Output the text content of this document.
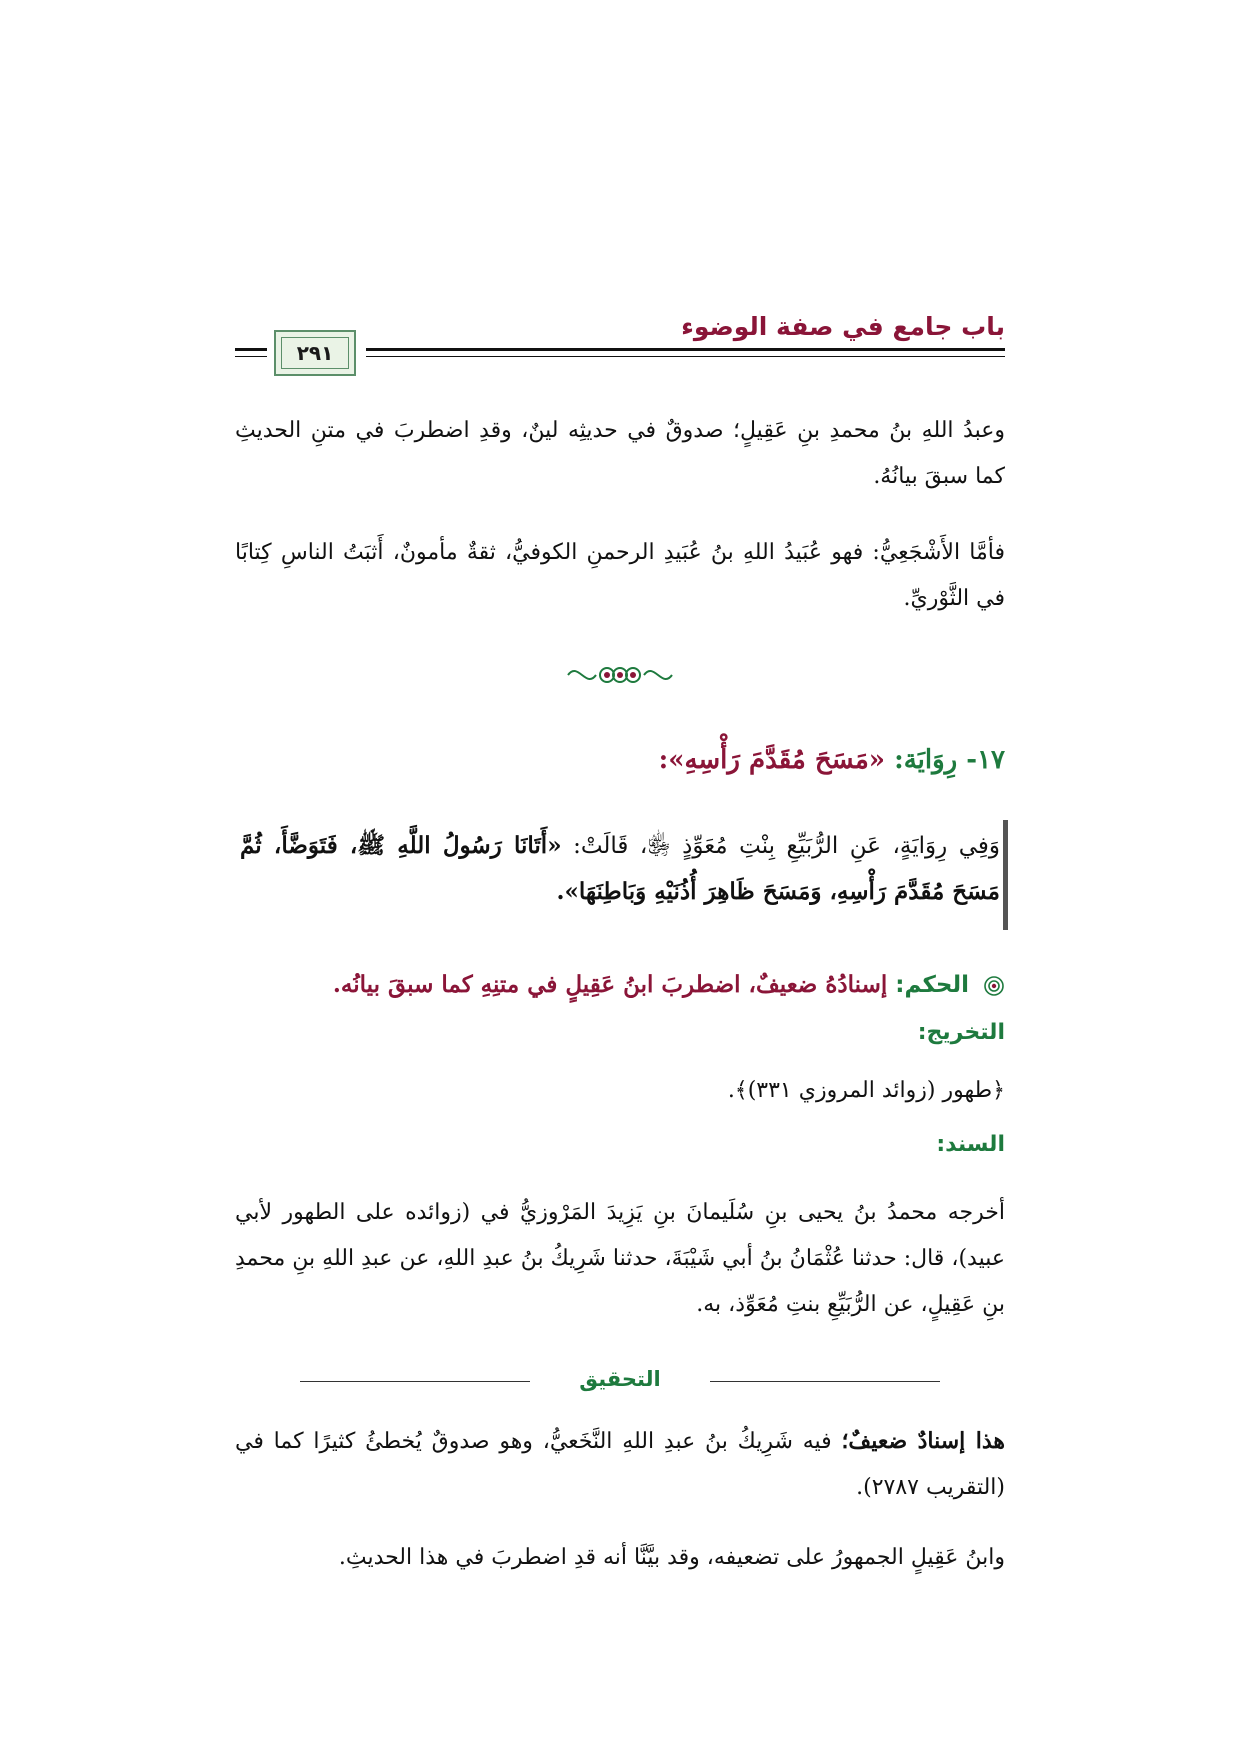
باب جامع في صفة الوضوء
٢٩١
وعبدُ اللهِ بنُ محمدِ بنِ عَقِيلٍ؛ صدوقٌ في حديثِه لينٌ، وقدِ اضطربَ في متنِ الحديثِ كما سبقَ بيانُهُ.
فأمَّا الأَشْجَعِيُّ: فهو عُبَيدُ اللهِ بنُ عُبَيدِ الرحمنِ الكوفيُّ، ثقةٌ مأمونٌ، أَثبَتُ الناسِ كِتابًا في الثَّوْريِّ.
١٧- رِوَايَة: «مَسَحَ مُقَدَّمَ رَأْسِهِ»:
وَفِي رِوَايَةٍ، عَنِ الرُّبَيِّعِ بِنْتِ مُعَوِّذٍ ﵂، قَالَتْ: «أَتَانَا رَسُولُ اللَّهِ ﷺ، فَتَوَضَّأَ، ثُمَّ مَسَحَ مُقَدَّمَ رَأْسِهِ، وَمَسَحَ ظَاهِرَ أُذُنَيْهِ وَبَاطِنَهَا».
الحكم: إسنادُهُ ضعيفٌ، اضطربَ ابنُ عَقِيلٍ في متنِهِ كما سبقَ بيانُه.
التخريج:
﴿طهور (زوائد المروزي ٣٣١)﴾.
السند:
أخرجه محمدُ بنُ يحيى بنِ سُلَيمانَ بنِ يَزِيدَ المَرْوزيُّ في (زوائده على الطهور لأبي عبيد)، قال: حدثنا عُثْمَانُ بنُ أبي شَيْبَةَ، حدثنا شَرِيكُ بنُ عبدِ اللهِ، عن عبدِ اللهِ بنِ محمدِ بنِ عَقِيلٍ، عن الرُّبَيِّعِ بنتِ مُعَوِّذ، به.
التحقيق
هذا إسنادٌ ضعيفٌ؛ فيه شَرِيكُ بنُ عبدِ اللهِ النَّخَعيُّ، وهو صدوقٌ يُخطئُ كثيرًا كما في (التقريب ٢٧٨٧).
وابنُ عَقِيلٍ الجمهورُ على تضعيفه، وقد بيَّنَّا أنه قدِ اضطربَ في هذا الحديثِ.
